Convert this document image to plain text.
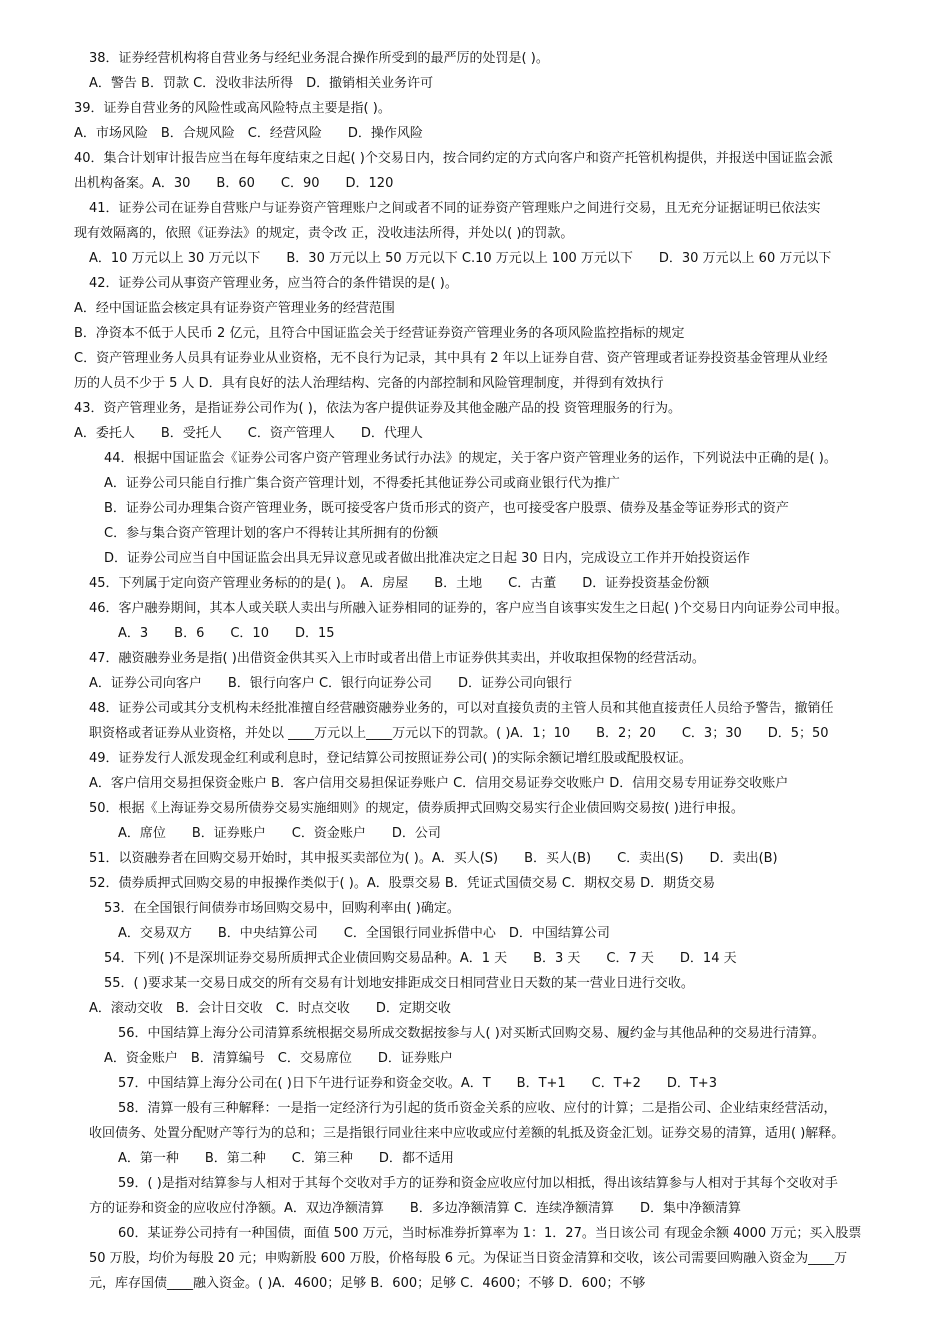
38．证券经营机构将自营业务与经纪业务混合操作所受到的最严厉的处罚是( )。
A．警告 B．罚款 C．没收非法所得　D．撤销相关业务许可
39．证券自营业务的风险性或高风险特点主要是指( )。
A．市场风险　B．合规风险　C．经营风险　　D．操作风险
40．集合计划审计报告应当在每年度结束之日起( )个交易日内，按合同约定的方式向客户和资产托管机构提供，并报送中国证监会派
出机构备案。A．30　　B．60　　C．90　　D．120
41．证券公司在证券自营账户与证券资产管理账户之间或者不同的证券资产管理账户之间进行交易，且无充分证据证明已依法实
现有效隔离的，依照《证券法》的规定，责令改 正，没收违法所得，并处以( )的罚款。
A．10 万元以上 30 万元以下　　B．30 万元以上 50 万元以下 C.10 万元以上 100 万元以下　　D．30 万元以上 60 万元以下
42．证券公司从事资产管理业务，应当符合的条件错误的是( )。
A．经中国证监会核定具有证券资产管理业务的经营范围
B．净资本不低于人民币 2 亿元，且符合中国证监会关于经营证券资产管理业务的各项风险监控指标的规定
C．资产管理业务人员具有证券业从业资格，无不良行为记录，其中具有 2 年以上证券自营、资产管理或者证券投资基金管理从业经
历的人员不少于 5 人 D．具有良好的法人治理结构、完备的内部控制和风险管理制度，并得到有效执行
43．资产管理业务，是指证券公司作为( )，依法为客户提供证券及其他金融产品的投 资管理服务的行为。
A．委托人　　B．受托人　　C．资产管理人　　D．代理人
44．根据中国证监会《证券公司客户资产管理业务试行办法》的规定，关于客户资产管理业务的运作，下列说法中正确的是( )。
A．证券公司只能自行推广集合资产管理计划，不得委托其他证券公司或商业银行代为推广
B．证券公司办理集合资产管理业务，既可接受客户货币形式的资产，也可接受客户股票、债券及基金等证券形式的资产
C．参与集合资产管理计划的客户不得转让其所拥有的份额
D．证券公司应当自中国证监会出具无异议意见或者做出批准决定之日起 30 日内，完成设立工作并开始投资运作
45．下列属于定向资产管理业务标的的是( )。　A．房屋　　B．土地　　C．古董　　D．证券投资基金份额
46．客户融券期间，其本人或关联人卖出与所融入证券相同的证券的，客户应当自该事实发生之日起( )个交易日内向证券公司申报。
A．3　　B．6　　C．10　　D．15
47．融资融券业务是指( )出借资金供其买入上市时或者出借上市证券供其卖出，并收取担保物的经营活动。
A．证券公司向客户　　B．银行向客户 C．银行向证券公司　　D．证券公司向银行
48．证券公司或其分支机构未经批准擅自经营融资融券业务的，可以对直接负责的主管人员和其他直接责任人员给予警告，撤销任
职资格或者证券从业资格，并处以 ____万元以上____万元以下的罚款。( )A．1；10　　B．2；20　　C．3；30　　D．5；50
49．证券发行人派发现金红利或利息时，登记结算公司按照证券公司( )的实际余额记增红股或配股权证。
A．客户信用交易担保资金账户 B．客户信用交易担保证券账户 C．信用交易证券交收账户 D．信用交易专用证券交收账户
50．根据《上海证券交易所债券交易实施细则》的规定，债券质押式回购交易实行企业债回购交易按( )进行申报。
A．席位　　B．证券账户　　C．资金账户　　D．公司
51．以资融券者在回购交易开始时，其申报买卖部位为( )。A．买人(S)　　B．买人(B)　　C．卖出(S)　　D．卖出(B)
52．债券质押式回购交易的申报操作类似于( )。A．股票交易 B．凭证式国债交易 C．期权交易 D．期货交易
53．在全国银行间债券市场回购交易中，回购利率由( )确定。
A．交易双方　　B．中央结算公司　　C．全国银行同业拆借中心　D．中国结算公司
54．下列( )不是深圳证券交易所质押式企业债回购交易品种。A．1 天　　B．3 天　　C．7 天　　D．14 天
55．( )要求某一交易日成交的所有交易有计划地安排距成交日相同营业日天数的某一营业日进行交收。
A．滚动交收　B．会计日交收　C．时点交收　　D．定期交收
56．中国结算上海分公司清算系统根据交易所成交数据按参与人( )对买断式回购交易、履约金与其他品种的交易进行清算。
A．资金账户　B．清算编号　C．交易席位　　D．证券账户
57．中国结算上海分公司在( )日下午进行证券和资金交收。A．T　　B．T+1　　C．T+2　　D．T+3
58．清算一般有三种解释：一是指一定经济行为引起的货币资金关系的应收、应付的计算；二是指公司、企业结束经营活动，
收回债务、处置分配财产等行为的总和；三是指银行同业往来中应收或应付差额的轧抵及资金汇划。证券交易的清算，适用( )解释。
A．第一种　　B．第二种　　C．第三种　　D．都不适用
59．( )是指对结算参与人相对于其每个交收对手方的证券和资金应收应付加以相抵，得出该结算参与人相对于其每个交收对手
方的证券和资金的应收应付净额。A．双边净额清算　　B．多边净额清算 C．连续净额清算　　D．集中净额清算
60．某证券公司持有一种国债，面值 500 万元，当时标准券折算率为 1：1．27。当日该公司 有现金余额 4000 万元；买入股票
50 万股，均价为每股 20 元；申购新股 600 万股，价格每股 6 元。为保证当日资金清算和交收，该公司需要回购融入资金为____万
元，库存国债____融入资金。( )A．4600；足够 B．600；足够 C．4600；不够 D．600；不够
